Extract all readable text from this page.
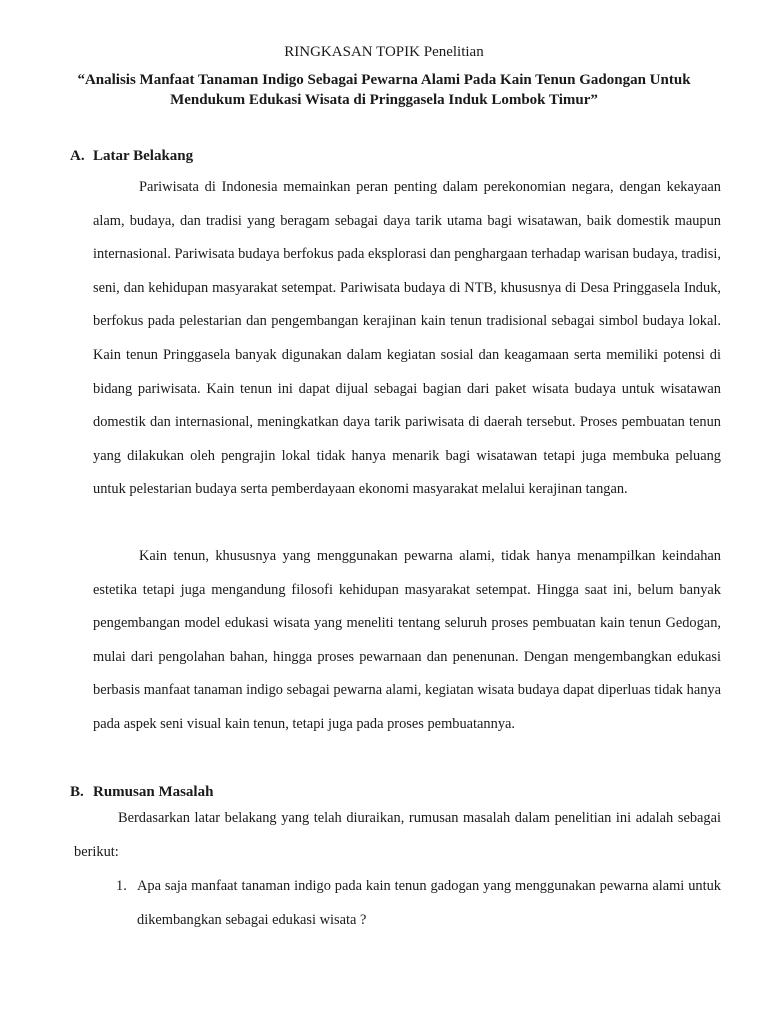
RINGKASAN TOPIK Penelitian
“Analisis Manfaat Tanaman Indigo Sebagai Pewarna Alami Pada Kain Tenun Gadongan Untuk Mendukum Edukasi Wisata di Pringgasela Induk Lombok Timur”
A. Latar Belakang

Pariwisata di Indonesia memainkan peran penting dalam perekonomian negara, dengan kekayaan alam, budaya, dan tradisi yang beragam sebagai daya tarik utama bagi wisatawan, baik domestik maupun internasional. Pariwisata budaya berfokus pada eksplorasi dan penghargaan terhadap warisan budaya, tradisi, seni, dan kehidupan masyarakat setempat. Pariwisata budaya di NTB, khususnya di Desa Pringgasela Induk, berfokus pada pelestarian dan pengembangan kerajinan kain tenun tradisional sebagai simbol budaya lokal. Kain tenun Pringgasela banyak digunakan dalam kegiatan sosial dan keagamaan serta memiliki potensi di bidang pariwisata. Kain tenun ini dapat dijual sebagai bagian dari paket wisata budaya untuk wisatawan domestik dan internasional, meningkatkan daya tarik pariwisata di daerah tersebut. Proses pembuatan tenun yang dilakukan oleh pengrajin lokal tidak hanya menarik bagi wisatawan tetapi juga membuka peluang untuk pelestarian budaya serta pemberdayaan ekonomi masyarakat melalui kerajinan tangan.

Kain tenun, khususnya yang menggunakan pewarna alami, tidak hanya menampilkan keindahan estetika tetapi juga mengandung filosofi kehidupan masyarakat setempat. Hingga saat ini, belum banyak pengembangan model edukasi wisata yang meneliti tentang seluruh proses pembuatan kain tenun Gedogan, mulai dari pengolahan bahan, hingga proses pewarnaan dan penenunan. Dengan mengembangkan edukasi berbasis manfaat tanaman indigo sebagai pewarna alami, kegiatan wisata budaya dapat diperluas tidak hanya pada aspek seni visual kain tenun, tetapi juga pada proses pembuatannya.

B. Rumusan Masalah

Berdasarkan latar belakang yang telah diuraikan, rumusan masalah dalam penelitian ini adalah sebagai berikut:

1. Apa saja manfaat tanaman indigo pada kain tenun gadogan yang menggunakan pewarna alami untuk dikembangkan sebagai edukasi wisata ?
